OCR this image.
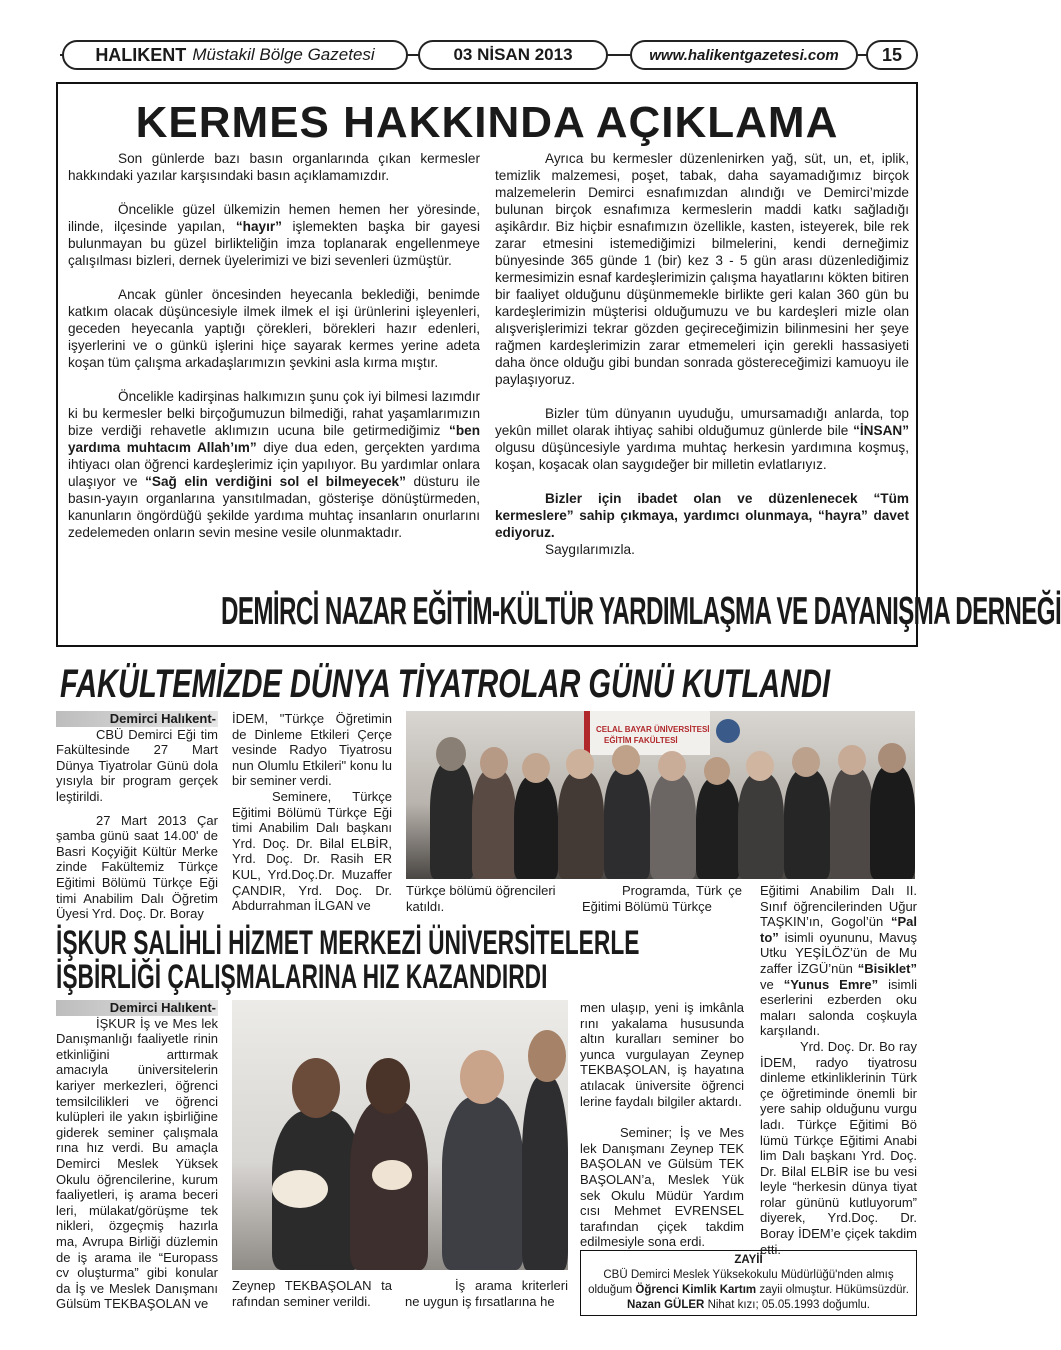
HALIKENT Müstakil Bölge Gazetesi	03 NİSAN 2013	www.halikentgazetesi.com	15
KERMES HAKKINDA AÇIKLAMA

Son günlerde bazı basın organlarında çıkan kermesler hakkındaki yazılar karşısındaki basın açıklamamızdır.

Öncelikle güzel ülkemizin hemen hemen her yöresinde, ilinde, ilçesinde yapılan, “hayır” işlemekten başka bir gayesi bulunmayan bu güzel birlikteliğin imza toplanarak engellenmeye çalışılması bizleri, dernek üyelerimizi ve bizi sevenleri üzmüştür.

Ancak günler öncesinden heyecanla beklediği, benimde katkım olacak düşüncesiyle ilmek ilmek el işi ürünlerini işleyenleri, geceden heyecanla yaptığı çörekleri, börekleri hazır edenleri, işyerlerini ve o günkü işlerini hiçe sayarak kermes yerine adeta koşan tüm çalışma arkadaşlarımızın şevkini asla kırma mıştır.

Öncelikle kadirşinas halkımızın şunu çok iyi bilmesi lazımdır ki bu kermesler belki birçoğumuzun bilmediği, rahat yaşamlarımızın bize verdiği rehavetle aklımızın ucuna bile getirmediğimiz “ben yardıma muhtacım Allah’ım” diye dua eden, gerçekten yardıma ihtiyacı olan öğrenci kardeşlerimiz için yapılıyor. Bu yardımlar onlara ulaşıyor ve “Sağ elin verdiğini sol el bilmeyecek” düsturu ile basın-yayın organlarına yansıtılmadan, gösterişe dönüştürmeden, kanunların öngördüğü şekilde yardıma muhtaç insanların onurlarını zedelemeden onların sevin mesine vesile olunmaktadır.

Ayrıca bu kermesler düzenlenirken yağ, süt, un, et, iplik, temizlik malzemesi, poşet, tabak, daha sayamadığımız birçok malzemelerin Demirci esnafımızdan alındığı ve Demirci’mizde bulunan birçok esnafımıza kermeslerin maddi katkı sağladığı aşikârdır. Biz hiçbir esnafımızın özellikle, kasten, isteyerek, bile rek zarar etmesini istemediğimizi bilmelerini, kendi derneğimiz bünyesinde 365 günde 1 (bir) kez 3 - 5 gün arası düzenlediğimiz kermesimizin esnaf kardeşlerimizin çalışma hayatlarını kökten bitiren bir faaliyet olduğunu düşünmemekle birlikte geri kalan 360 gün bu kardeşlerimizin müşterisi olduğumuzu ve bu kardeşleri mizle olan alışverişlerimizi tekrar gözden geçireceğimizin bilinmesini her şeye rağmen kardeşlerimizin zarar etmemeleri için gerekli hassasiyeti daha önce olduğu gibi bundan sonrada göstereceğimizi kamuoyu ile paylaşıyoruz.

Bizler tüm dünyanın uyuduğu, umursamadığı anlarda, top yekûn millet olarak ihtiyaç sahibi olduğumuz günlerde bile “İNSAN” olgusu düşüncesiyle yardıma muhtaç herkesin yardımına koşmuş, koşan, koşacak olan saygıdeğer bir milletin evlatlarıyız.

Bizler için ibadet olan ve düzenlenecek “Tüm kermeslere” sahip çıkmaya, yardımcı olunmaya, “hayra” davet ediyoruz.

Saygılarımızla.

DEMİRCİ NAZAR EĞİTİM-KÜLTÜR YARDIMLAŞMA VE DAYANIŞMA DERNEĞİ
FAKÜLTEMİZDE DÜNYA TİYATROLAR GÜNÜ KUTLANDI

Demirci Halıkent-

CBÜ Demirci Eği tim Fakültesinde 27 Mart Dünya Tiyatrolar Günü dola yısıyla bir program gerçek leştirildi.

27 Mart 2013 Çar şamba günü saat 14.00' de Basri Koçyiğit Kültür Merke zinde Fakültemiz Türkçe Eğitimi Bölümü Türkçe Eği timi Anabilim Dalı Öğretim Üyesi Yrd. Doç. Dr. Boray

İDEM, "Türkçe Öğretimin de Dinleme Etkileri Çerçe vesinde Radyo Tiyatrosu nun Olumlu Etkileri" konu lu bir seminer verdi.

Seminere, Türkçe Eğitimi Bölümü Türkçe Eği timi Anabilim Dalı başkanı Yrd. Doç. Dr. Bilal ELBİR, Yrd. Doç. Dr. Rasih ER KUL, Yrd.Doç.Dr. Muzaffer ÇANDIR, Yrd. Doç. Dr. Abdurrahman İLGAN ve

CELAL BAYAR ÜNİVERSİTESİ
EĞİTİM FAKÜLTESİ
Türkçe bölümü öğrencileri katıldı.
Programda, Türk çe Eğitimi Bölümü Türkçe

Eğitimi Anabilim Dalı II. Sınıf öğrencilerinden Uğur TAŞKIN’ın, Gogol’ün “Pal to” isimli oyununu, Mavuş Utku YEŞİLÖZ’ün de Mu zaffer İZGÜ’nün “Bisiklet” ve “Yunus Emre” isimli eserlerini ezberden oku maları salonda coşkuyla karşılandı.

Yrd. Doç. Dr. Bo ray İDEM, radyo tiyatrosu dinleme etkinliklerinin Türk çe öğretiminde önemli bir yere sahip olduğunu vurgu ladı. Türkçe Eğitimi Bö lümü Türkçe Eğitimi Anabi lim Dalı başkanı Yrd. Doç. Dr. Bilal ELBİR ise bu vesi leyle “herkesin dünya tiyat rolar gününü kutluyorum” diyerek, Yrd.Doç. Dr. Boray İDEM’e çiçek takdim etti.

İŞKUR SALİHLİ HİZMET MERKEZİ ÜNİVERSİTELERLE
İŞBİRLİĞİ ÇALIŞMALARINA HIZ KAZANDIRDI

Demirci Halıkent-

İŞKUR İş ve Mes lek Danışmanlığı faaliyetle rinin etkinliğini arttırmak amacıyla üniversitelerin kariyer merkezleri, öğrenci temsilcilikleri ve öğrenci kulüpleri ile yakın işbirliğine giderek seminer çalışmala rına hız verdi. Bu amaçla Demirci Meslek Yüksek Okulu öğrencilerine, kurum faaliyetleri, iş arama beceri leri, mülakat/görüşme tek nikleri, özgeçmiş hazırla ma, Avrupa Birliği düzlemin de iş arama ile “Europass cv oluşturma” gibi konular da İş ve Meslek Danışmanı Gülsüm TEKBAŞOLAN ve

men ulaşıp, yeni iş imkânla rını yakalama hususunda altın kuralları seminer bo yunca vurgulayan Zeynep TEKBAŞOLAN, iş hayatına atılacak üniversite öğrenci lerine faydalı bilgiler aktardı.

Seminer; İş ve Mes lek Danışmanı Zeynep TEK BAŞOLAN ve Gülsüm TEK BAŞOLAN’a, Meslek Yük sek Okulu Müdür Yardım cısı Mehmet EVRENSEL tarafından çiçek takdim edilmesiyle sona erdi.

Zeynep TEKBAŞOLAN ta rafından seminer verildi.
İş arama kriterleri ne uygun iş fırsatlarına he
ZAYİİ
CBÜ Demirci Meslek Yüksekokulu Müdürlüğü'nden almış
olduğum Öğrenci Kimlik Kartım zayii olmuştur. Hükümsüzdür.
Nazan GÜLER Nihat kızı; 05.05.1993 doğumlu.
